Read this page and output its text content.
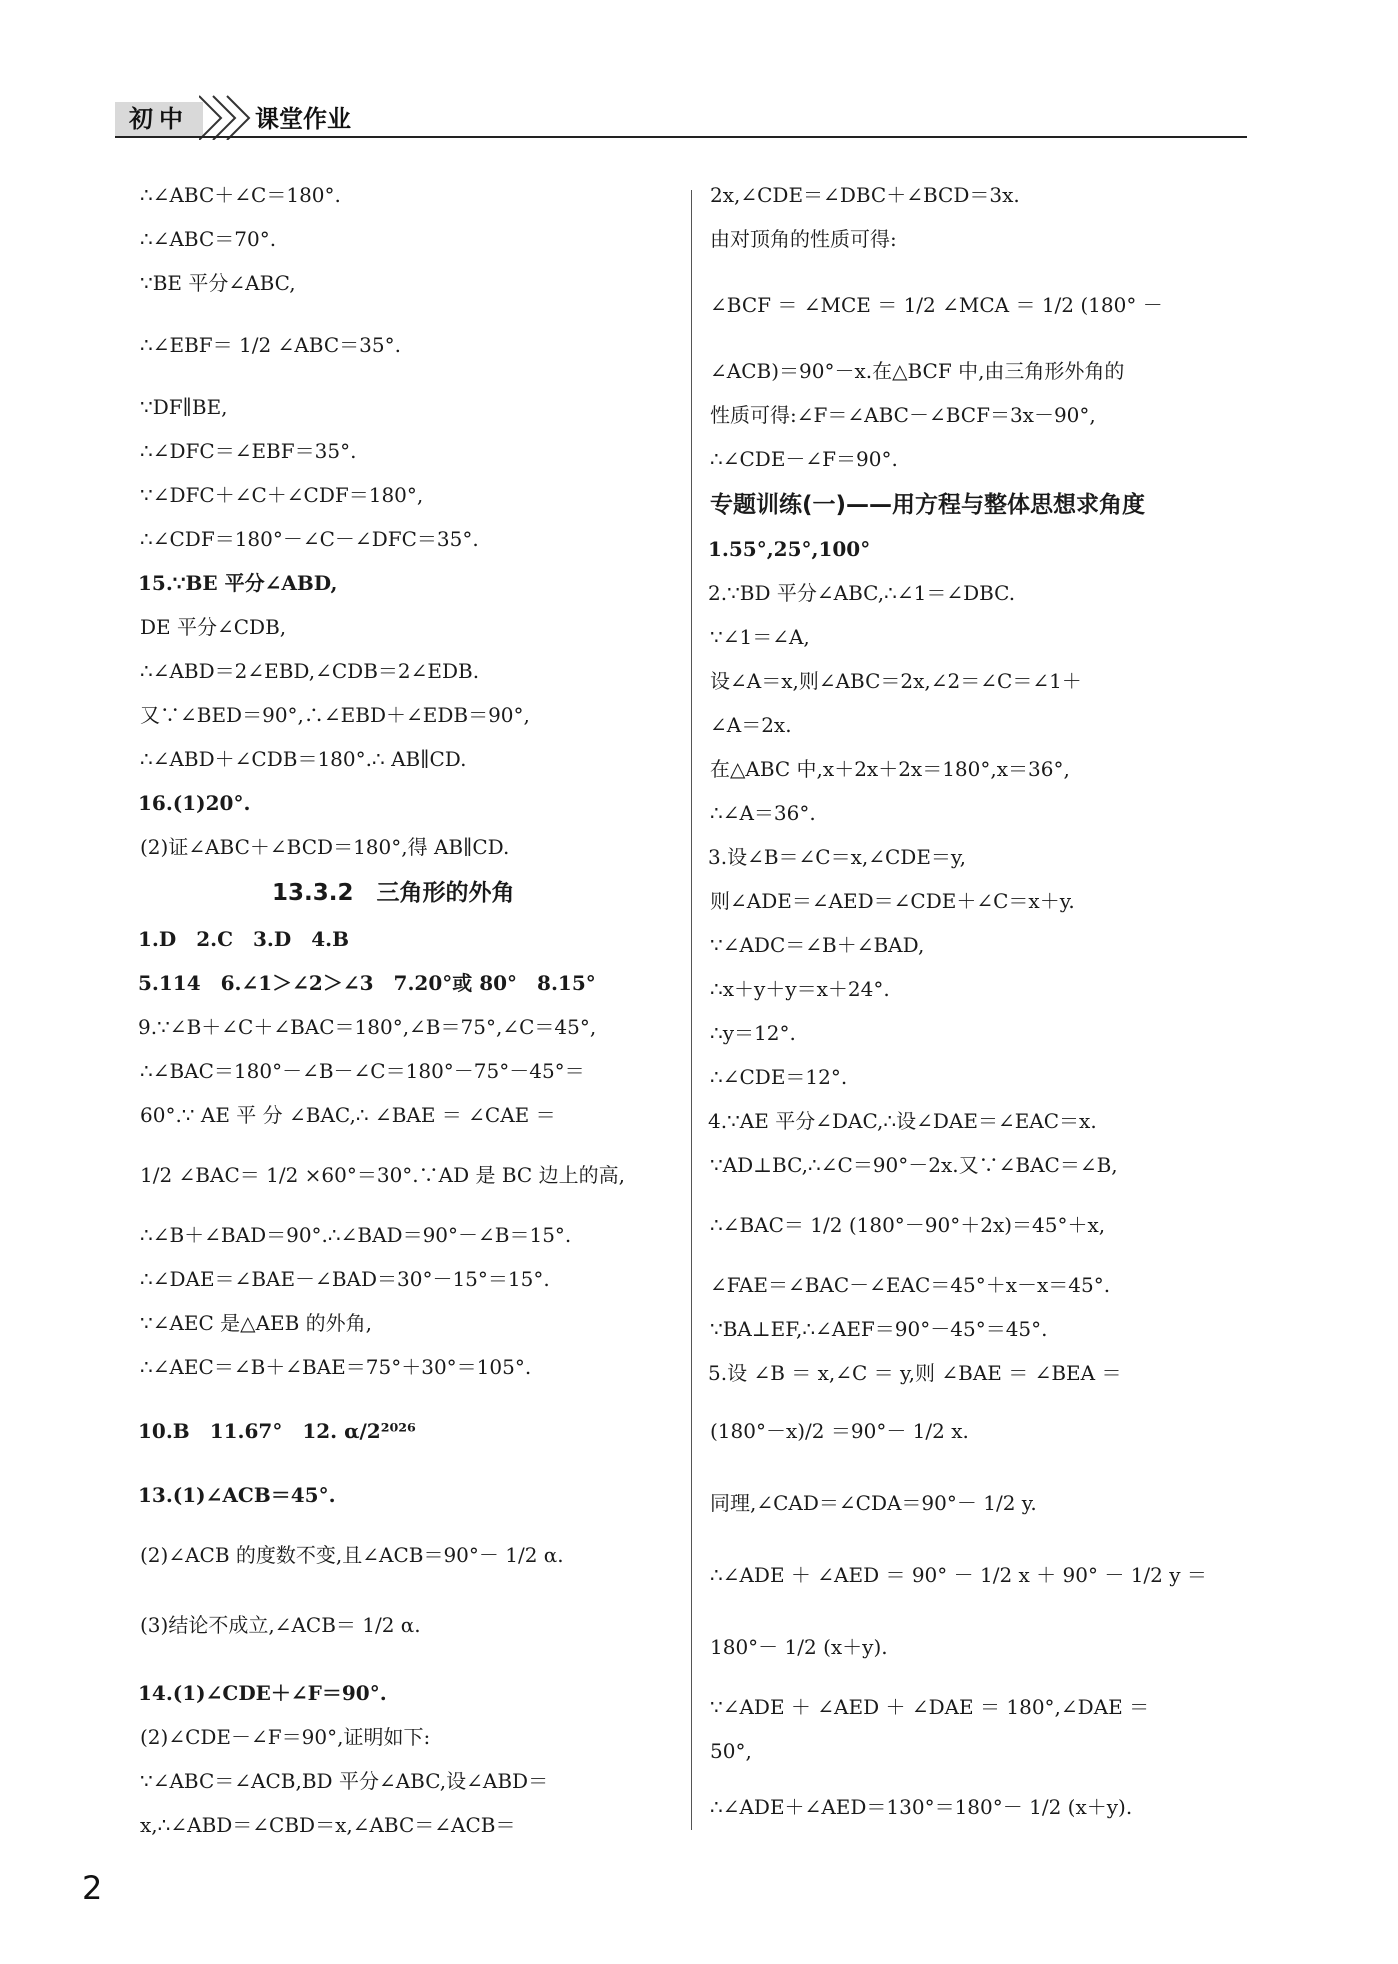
初中	课堂作业
∴∠ABC＋∠C＝180°.
∴∠ABC＝70°.
∵BE 平分∠ABC,
∴∠EBF＝ 1/2 ∠ABC＝35°.
∵DF∥BE,
∴∠DFC＝∠EBF＝35°.
∵∠DFC＋∠C＋∠CDF＝180°,
∴∠CDF＝180°－∠C－∠DFC＝35°.
15.∵BE 平分∠ABD,
DE 平分∠CDB,
∴∠ABD＝2∠EBD,∠CDB＝2∠EDB.
又∵∠BED＝90°,∴∠EBD＋∠EDB＝90°,
∴∠ABD＋∠CDB＝180°.∴ AB∥CD.
16.(1)20°.
(2)证∠ABC＋∠BCD＝180°,得 AB∥CD.
13.3.2　三角形的外角
1.D　2.C　3.D　4.B
5.114　6.∠1＞∠2＞∠3　7.20°或 80°　8.15°
9.∵∠B＋∠C＋∠BAC＝180°,∠B＝75°,∠C＝45°,
∴∠BAC＝180°－∠B－∠C＝180°－75°－45°＝
60°.∵ AE 平 分 ∠BAC,∴ ∠BAE ＝ ∠CAE ＝
1/2 ∠BAC＝ 1/2 ×60°＝30°.∵AD 是 BC 边上的高,
∴∠B＋∠BAD＝90°.∴∠BAD＝90°－∠B＝15°.
∴∠DAE＝∠BAE－∠BAD＝30°－15°＝15°.
∵∠AEC 是△AEB 的外角,
∴∠AEC＝∠B＋∠BAE＝75°＋30°＝105°.
10.B　11.67°　12. α/2²⁰²⁶
13.(1)∠ACB＝45°.
(2)∠ACB 的度数不变,且∠ACB＝90°－ 1/2 α.
(3)结论不成立,∠ACB＝ 1/2 α.
14.(1)∠CDE＋∠F＝90°.
(2)∠CDE－∠F＝90°,证明如下:
∵∠ABC＝∠ACB,BD 平分∠ABC,设∠ABD＝
x,∴∠ABD＝∠CBD＝x,∠ABC＝∠ACB＝
2x,∠CDE＝∠DBC＋∠BCD＝3x.
由对顶角的性质可得:
∠BCF ＝ ∠MCE ＝ 1/2 ∠MCA ＝ 1/2 (180° －
∠ACB)＝90°－x.在△BCF 中,由三角形外角的
性质可得:∠F＝∠ABC－∠BCF＝3x－90°,
∴∠CDE－∠F＝90°.
专题训练(一)——用方程与整体思想求角度
1.55°,25°,100°
2.∵BD 平分∠ABC,∴∠1＝∠DBC.
∵∠1＝∠A,
设∠A＝x,则∠ABC＝2x,∠2＝∠C＝∠1＋
∠A＝2x.
在△ABC 中,x＋2x＋2x＝180°,x＝36°,
∴∠A＝36°.
3.设∠B＝∠C＝x,∠CDE＝y,
则∠ADE＝∠AED＝∠CDE＋∠C＝x＋y.
∵∠ADC＝∠B＋∠BAD,
∴x＋y＋y＝x＋24°.
∴y＝12°.
∴∠CDE＝12°.
4.∵AE 平分∠DAC,∴设∠DAE＝∠EAC＝x.
∵AD⊥BC,∴∠C＝90°－2x.又∵∠BAC＝∠B,
∴∠BAC＝ 1/2 (180°－90°＋2x)＝45°＋x,
∠FAE＝∠BAC－∠EAC＝45°＋x－x＝45°.
∵BA⊥EF,∴∠AEF＝90°－45°＝45°.
5.设 ∠B ＝ x,∠C ＝ y,则 ∠BAE ＝ ∠BEA ＝
(180°－x)/2 ＝90°－ 1/2 x.
同理,∠CAD＝∠CDA＝90°－ 1/2 y.
∴∠ADE ＋ ∠AED ＝ 90° － 1/2 x ＋ 90° － 1/2 y ＝
180°－ 1/2 (x＋y).
∵∠ADE ＋ ∠AED ＋ ∠DAE ＝ 180°,∠DAE ＝
50°,
∴∠ADE＋∠AED＝130°＝180°－ 1/2 (x＋y).
2
